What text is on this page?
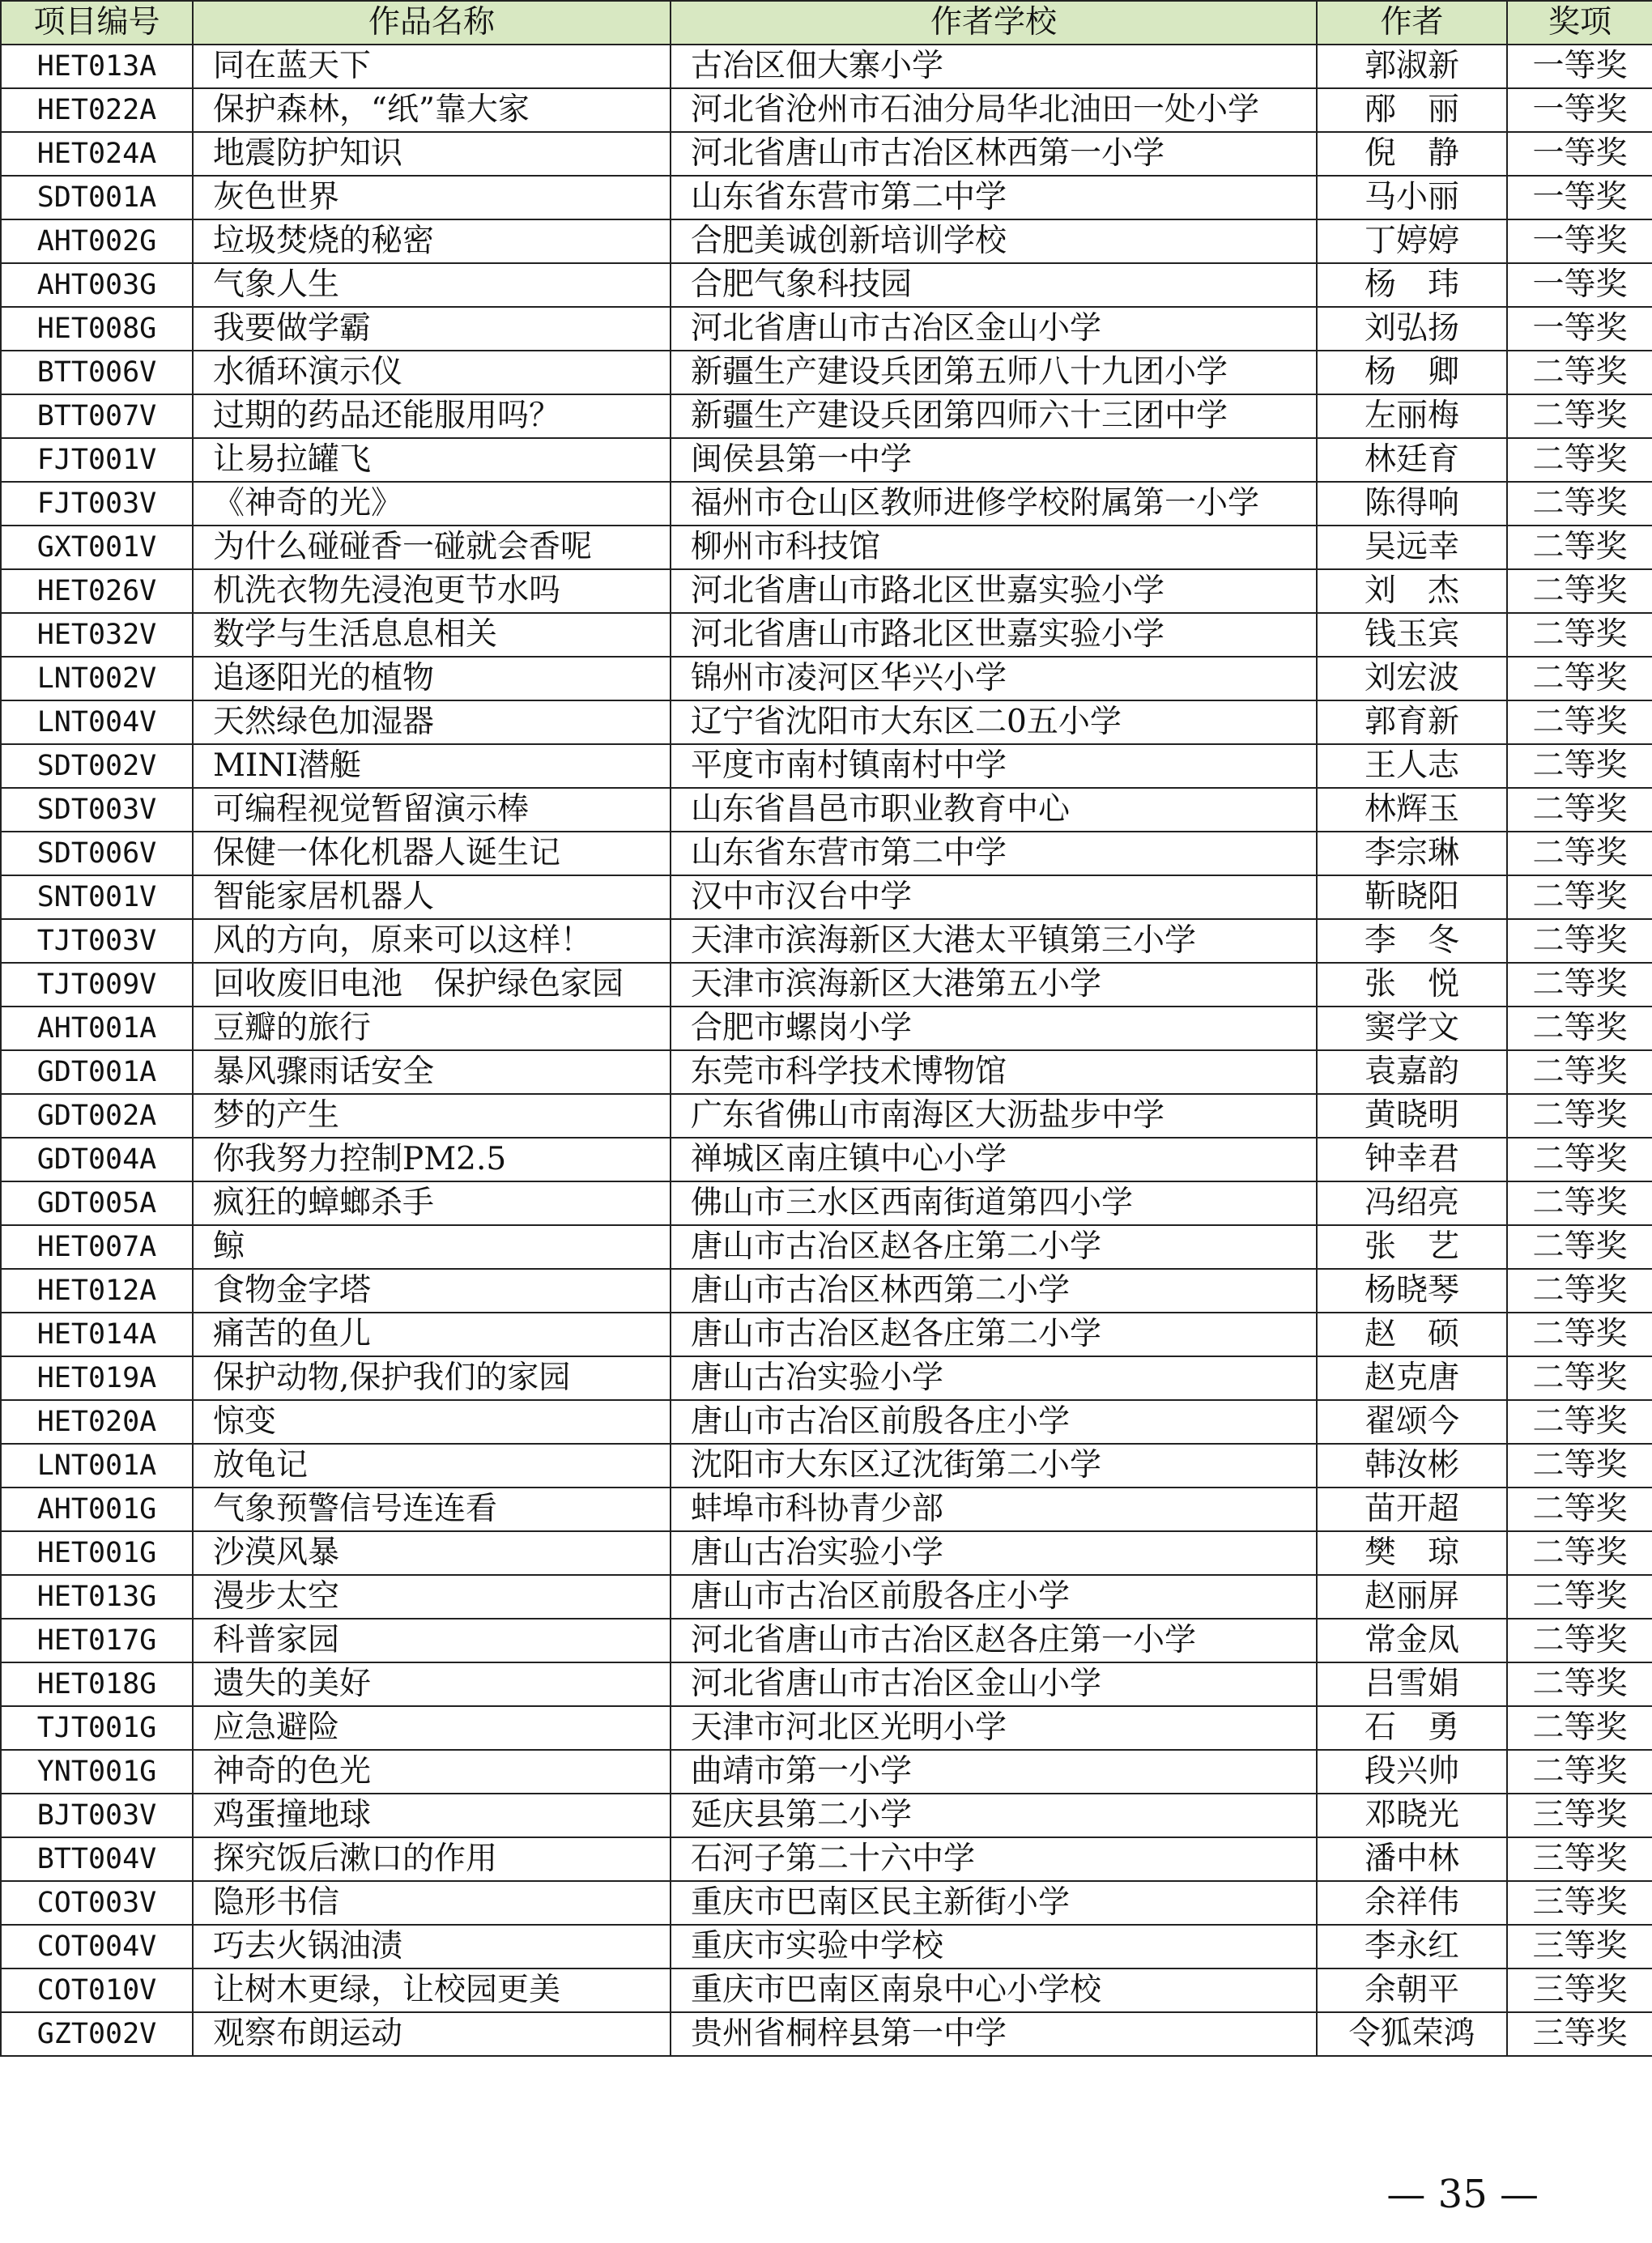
项目编号	作品名称	作者学校	作者	奖项
HET013A	同在蓝天下	古冶区佃大寨小学	郭淑新	一等奖
HET022A	保护森林，“纸”靠大家	河北省沧州市石油分局华北油田一处小学	邴　丽	一等奖
HET024A	地震防护知识	河北省唐山市古冶区林西第一小学	倪　静	一等奖
SDT001A	灰色世界	山东省东营市第二中学	马小丽	一等奖
AHT002G	垃圾焚烧的秘密	合肥美诚创新培训学校	丁婷婷	一等奖
AHT003G	气象人生	合肥气象科技园	杨　玮	一等奖
HET008G	我要做学霸	河北省唐山市古冶区金山小学	刘弘扬	一等奖
BTT006V	水循环演示仪	新疆生产建设兵团第五师八十九团小学	杨　卿	二等奖
BTT007V	过期的药品还能服用吗？	新疆生产建设兵团第四师六十三团中学	左丽梅	二等奖
FJT001V	让易拉罐飞	闽侯县第一中学	林廷育	二等奖
FJT003V	《神奇的光》	福州市仓山区教师进修学校附属第一小学	陈得响	二等奖
GXT001V	为什么碰碰香一碰就会香呢	柳州市科技馆	吴远幸	二等奖
HET026V	机洗衣物先浸泡更节水吗	河北省唐山市路北区世嘉实验小学	刘　杰	二等奖
HET032V	数学与生活息息相关	河北省唐山市路北区世嘉实验小学	钱玉宾	二等奖
LNT002V	追逐阳光的植物	锦州市凌河区华兴小学	刘宏波	二等奖
LNT004V	天然绿色加湿器	辽宁省沈阳市大东区二0五小学	郭育新	二等奖
SDT002V	MINI潜艇	平度市南村镇南村中学	王人志	二等奖
SDT003V	可编程视觉暂留演示棒	山东省昌邑市职业教育中心	林辉玉	二等奖
SDT006V	保健一体化机器人诞生记	山东省东营市第二中学	李宗琳	二等奖
SNT001V	智能家居机器人	汉中市汉台中学	靳晓阳	二等奖
TJT003V	风的方向，原来可以这样！	天津市滨海新区大港太平镇第三小学	李　冬	二等奖
TJT009V	回收废旧电池　保护绿色家园	天津市滨海新区大港第五小学	张　悦	二等奖
AHT001A	豆瓣的旅行	合肥市螺岗小学	窦学文	二等奖
GDT001A	暴风骤雨话安全	东莞市科学技术博物馆	袁嘉韵	二等奖
GDT002A	梦的产生	广东省佛山市南海区大沥盐步中学	黄晓明	二等奖
GDT004A	你我努力控制PM2.5	禅城区南庄镇中心小学	钟幸君	二等奖
GDT005A	疯狂的蟑螂杀手	佛山市三水区西南街道第四小学	冯绍亮	二等奖
HET007A	鲸	唐山市古冶区赵各庄第二小学	张　艺	二等奖
HET012A	食物金字塔	唐山市古冶区林西第二小学	杨晓琴	二等奖
HET014A	痛苦的鱼儿	唐山市古冶区赵各庄第二小学	赵　硕	二等奖
HET019A	保护动物,保护我们的家园	唐山古冶实验小学	赵克唐	二等奖
HET020A	惊变	唐山市古冶区前殷各庄小学	翟颂今	二等奖
LNT001A	放龟记	沈阳市大东区辽沈街第二小学	韩汝彬	二等奖
AHT001G	气象预警信号连连看	蚌埠市科协青少部	苗开超	二等奖
HET001G	沙漠风暴	唐山古冶实验小学	樊　琼	二等奖
HET013G	漫步太空	唐山市古冶区前殷各庄小学	赵丽屏	二等奖
HET017G	科普家园	河北省唐山市古冶区赵各庄第一小学	常金凤	二等奖
HET018G	遗失的美好	河北省唐山市古冶区金山小学	吕雪娟	二等奖
TJT001G	应急避险	天津市河北区光明小学	石　勇	二等奖
YNT001G	神奇的色光	曲靖市第一小学	段兴帅	二等奖
BJT003V	鸡蛋撞地球	延庆县第二小学	邓晓光	三等奖
BTT004V	探究饭后漱口的作用	石河子第二十六中学	潘中林	三等奖
COT003V	隐形书信	重庆市巴南区民主新街小学	余祥伟	三等奖
COT004V	巧去火锅油渍	重庆市实验中学校	李永红	三等奖
COT010V	让树木更绿，让校园更美	重庆市巴南区南泉中心小学校	余朝平	三等奖
GZT002V	观察布朗运动	贵州省桐梓县第一中学	令狐荣鸿	三等奖
— 35 —
